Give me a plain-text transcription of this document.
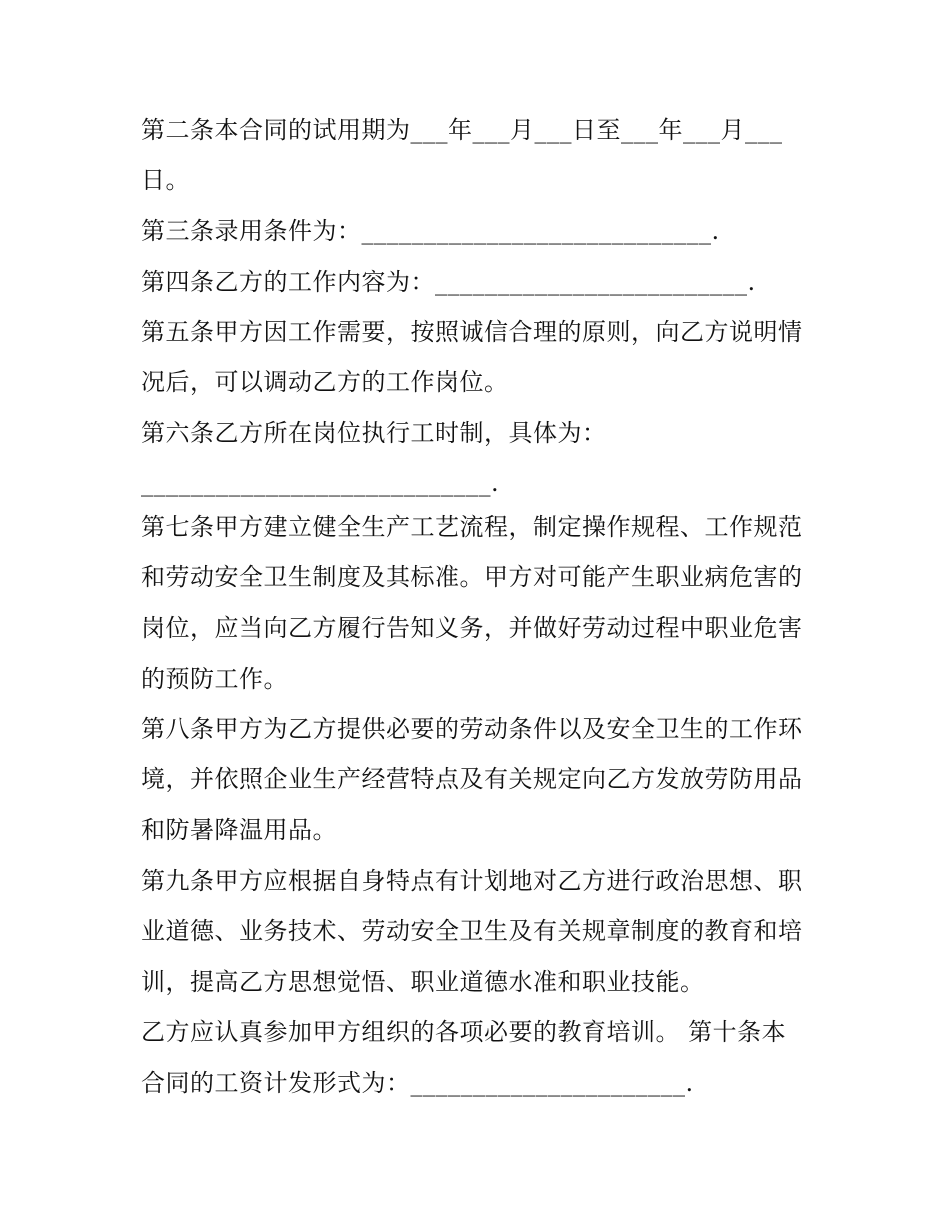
第二条本合同的试用期为___年___月___日至___年___月___
日。
第三条录用条件为：____________________________.
第四条乙方的工作内容为：_________________________.
第五条甲方因工作需要，按照诚信合理的原则，向乙方说明情
况后，可以调动乙方的工作岗位。
第六条乙方所在岗位执行工时制，具体为：
____________________________.
第七条甲方建立健全生产工艺流程，制定操作规程、工作规范
和劳动安全卫生制度及其标准。甲方对可能产生职业病危害的
岗位，应当向乙方履行告知义务，并做好劳动过程中职业危害
的预防工作。
第八条甲方为乙方提供必要的劳动条件以及安全卫生的工作环
境，并依照企业生产经营特点及有关规定向乙方发放劳防用品
和防暑降温用品。
第九条甲方应根据自身特点有计划地对乙方进行政治思想、职
业道德、业务技术、劳动安全卫生及有关规章制度的教育和培
训，提高乙方思想觉悟、职业道德水准和职业技能。
乙方应认真参加甲方组织的各项必要的教育培训。 第十条本
合同的工资计发形式为：______________________.
